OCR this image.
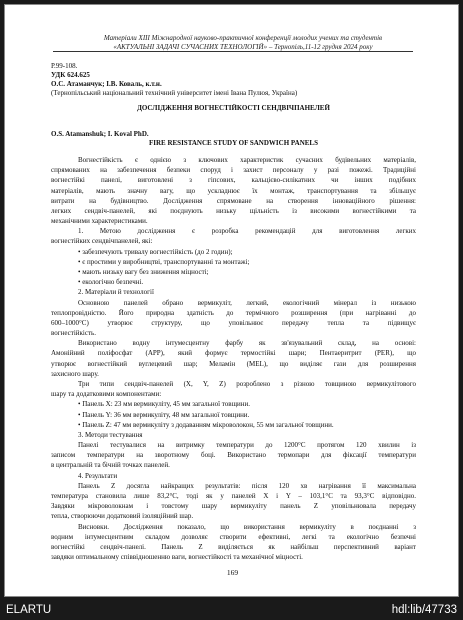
Матеріали XIII Міжнародної науково-практичної конференції молодих учених та студентів
«АКТУАЛЬНІ ЗАДАЧІ СУЧАСНИХ ТЕХНОЛОГІЙ» – Тернопіль,11-12 грудня 2024 року
Р.99-108.
УДК 624.625
О.С. Атаманчук; І.В. Коваль, к.т.н.
(Тернопільський національний технічний університет імені Івана Пулюя, Україна)
ДОСЛІДЖЕННЯ ВОГНЕСТІЙКОСТІ СЕНДВІЧПАНЕЛЕЙ
O.S. Atamanshuk; I. Koval PhD.
FIRE RESISTANCE STUDY OF SANDWICH PANELS
Вогнестійкість є однією з ключових характеристик сучасних будівельних матеріалів,
спрямованих на забезпечення безпеки споруд і захист персоналу у разі пожежі. Традиційні
вогнестійкі панелі, виготовлені з гіпсових, кальцієво-силікатних чи інших подібних
матеріалів, мають значну вагу, що ускладнює їх монтаж, транспортування та збільшує
витрати на будівництво. Дослідження спрямоване на створення інноваційного рішення:
легких сендвіч-панелей, які поєднують низьку щільність із високими вогнестійкими та
механічними характеристиками.
1. Метою дослідження є розробка рекомендацій для виготовлення легких
вогнестійких сендвічпанелей, які:
• забезпечують тривалу вогнестійкість (до 2 годин);
• є простими у виробництві, транспортуванні та монтажі;
• мають низьку вагу без зниження міцності;
• екологічно безпечні.
2. Матеріали й технології
Основною панелей обрано вермикуліт, легкий, екологічний мінерал із низькою
теплопровідністю. Його природна здатність до термічного розширення (при нагріванні до
600–1000°C) утворює структуру, що уповільнює передачу тепла та підвищує
вогнестійкість.
Використано водну інтумесцентну фарбу як зв'язувальний склад, на основі:
Амонійний поліфосфат (APP), який формує термостійкі шари; Пентаеритрит (PER), що
утворює вогнестійкий вуглецевий шар; Меламін (MEL), що виділяє гази для розширення
захисного шару.
Три типи сендвіч-панелей (X, Y, Z) розроблено з різною товщиною вермикулітового
шару та додатковими компонентами:
• Панель X: 23 мм вермикуліту, 45 мм загальної товщини.
• Панель Y: 36 мм вермикуліту, 48 мм загальної товщини.
• Панель Z: 47 мм вермикуліту з додаванням мікроволокон, 55 мм загальної товщини.
3. Методи тестування
Панелі тестувалися на витримку температури до 1200°C протягом 120 хвилин із
записом температури на зворотному боці. Використано термопари для фіксації температури
в центральній та бічній точках панелей.
4. Результати
Панель Z досягла найкращих результатів: після 120 хв нагрівання її максимальна
температура становила лише 83,2°C, тоді як у панелей X і Y – 103,1°C та 93,3°C відповідно.
Завдяки мікроволокнам і товстому шару вермикуліту панель Z уповільнювала передачу
тепла, створюючи додатковий ізоляційний шар.
Висновки. Дослідження показало, що використання вермикуліту в поєднанні з
водним інтумесцентним складом дозволяє створити ефективні, легкі та екологічно безпечні
вогнестійкі сендвіч-панелі. Панель Z виділяється як найбільш перспективний варіант
завдяки оптимальному співвідношенню ваги, вогнестійкості та механічної міцності.
169
ELARTU	hdl:lib/47733
